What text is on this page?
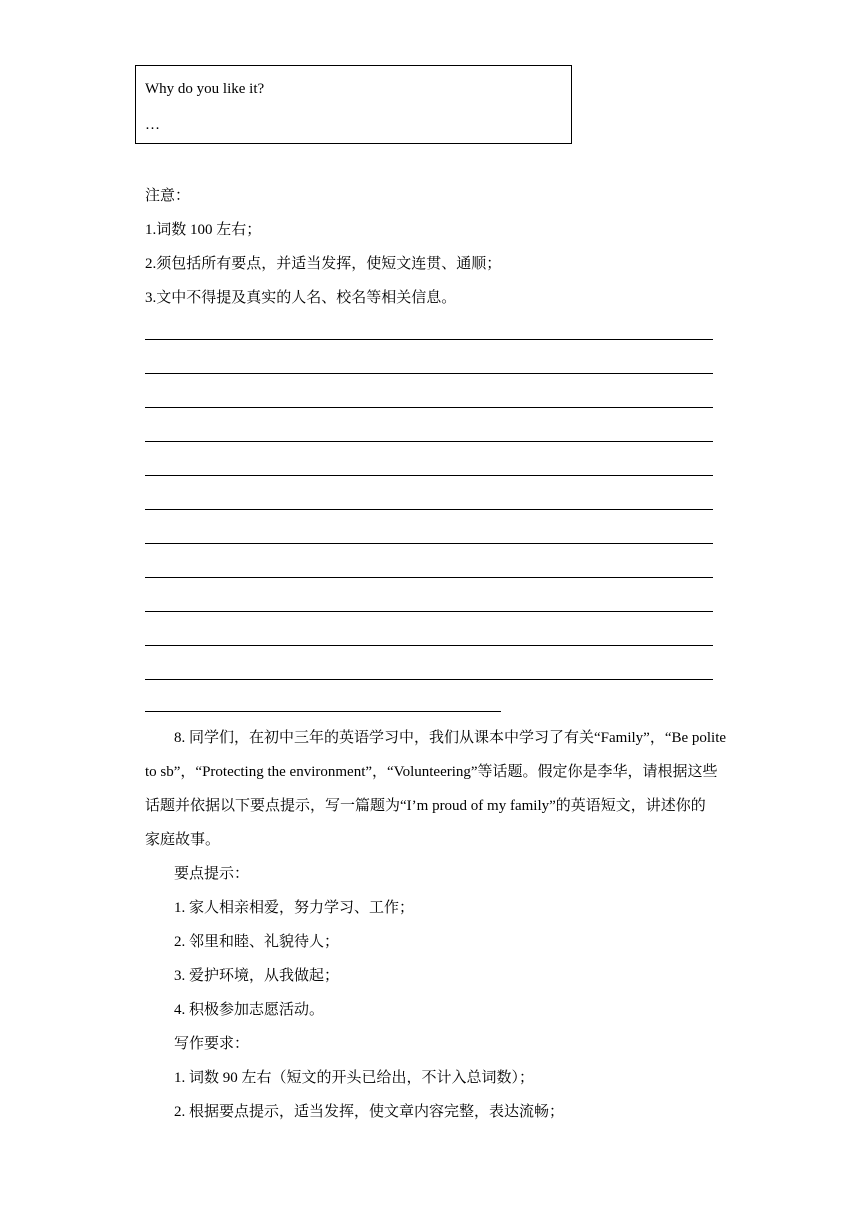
Why do you like it?
…
注意：
1.词数 100 左右；
2.须包括所有要点，并适当发挥，使短文连贯、通顺；
3.文中不得提及真实的人名、校名等相关信息。
8. 同学们，在初中三年的英语学习中，我们从课本中学习了有关“Family”，“Be polite
to sb”，“Protecting the environment”，“Volunteering”等话题。假定你是李华，请根据这些
话题并依据以下要点提示，写一篇题为“I’m proud of my family”的英语短文，讲述你的
家庭故事。
要点提示：
1. 家人相亲相爱，努力学习、工作；
2. 邻里和睦、礼貌待人；
3. 爱护环境，从我做起；
4. 积极参加志愿活动。
写作要求：
1. 词数 90 左右（短文的开头已给出，不计入总词数）；
2. 根据要点提示，适当发挥，使文章内容完整，表达流畅；
